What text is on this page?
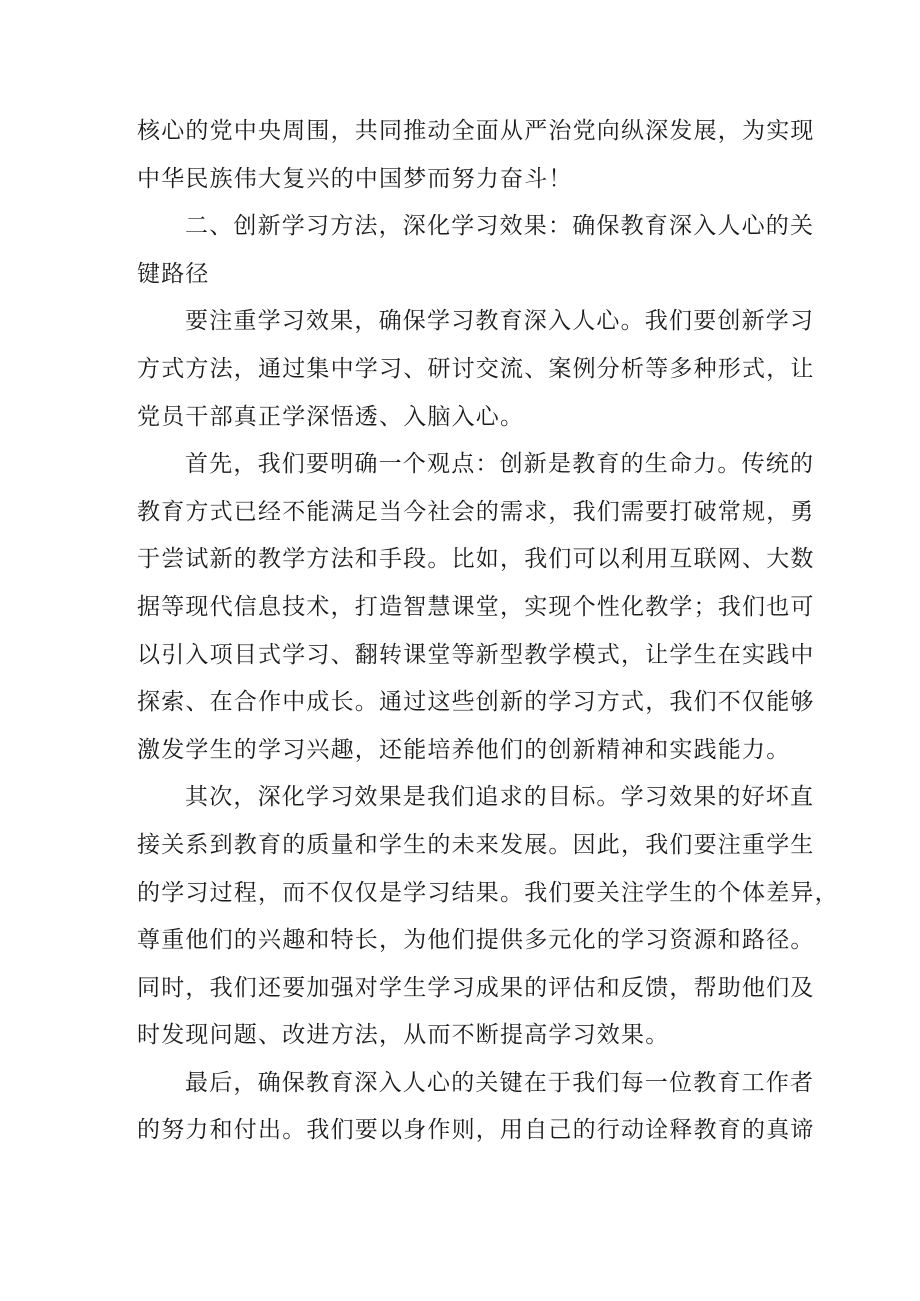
核心的党中央周围，共同推动全面从严治党向纵深发展，为实现
中华民族伟大复兴的中国梦而努力奋斗！
二、创新学习方法，深化学习效果：确保教育深入人心的关
键路径
要注重学习效果，确保学习教育深入人心。我们要创新学习
方式方法，通过集中学习、研讨交流、案例分析等多种形式，让
党员干部真正学深悟透、入脑入心。
首先，我们要明确一个观点：创新是教育的生命力。传统的
教育方式已经不能满足当今社会的需求，我们需要打破常规，勇
于尝试新的教学方法和手段。比如，我们可以利用互联网、大数
据等现代信息技术，打造智慧课堂，实现个性化教学；我们也可
以引入项目式学习、翻转课堂等新型教学模式，让学生在实践中
探索、在合作中成长。通过这些创新的学习方式，我们不仅能够
激发学生的学习兴趣，还能培养他们的创新精神和实践能力。
其次，深化学习效果是我们追求的目标。学习效果的好坏直
接关系到教育的质量和学生的未来发展。因此，我们要注重学生
的学习过程，而不仅仅是学习结果。我们要关注学生的个体差异，
尊重他们的兴趣和特长，为他们提供多元化的学习资源和路径。
同时，我们还要加强对学生学习成果的评估和反馈，帮助他们及
时发现问题、改进方法，从而不断提高学习效果。
最后，确保教育深入人心的关键在于我们每一位教育工作者
的努力和付出。我们要以身作则，用自己的行动诠释教育的真谛
